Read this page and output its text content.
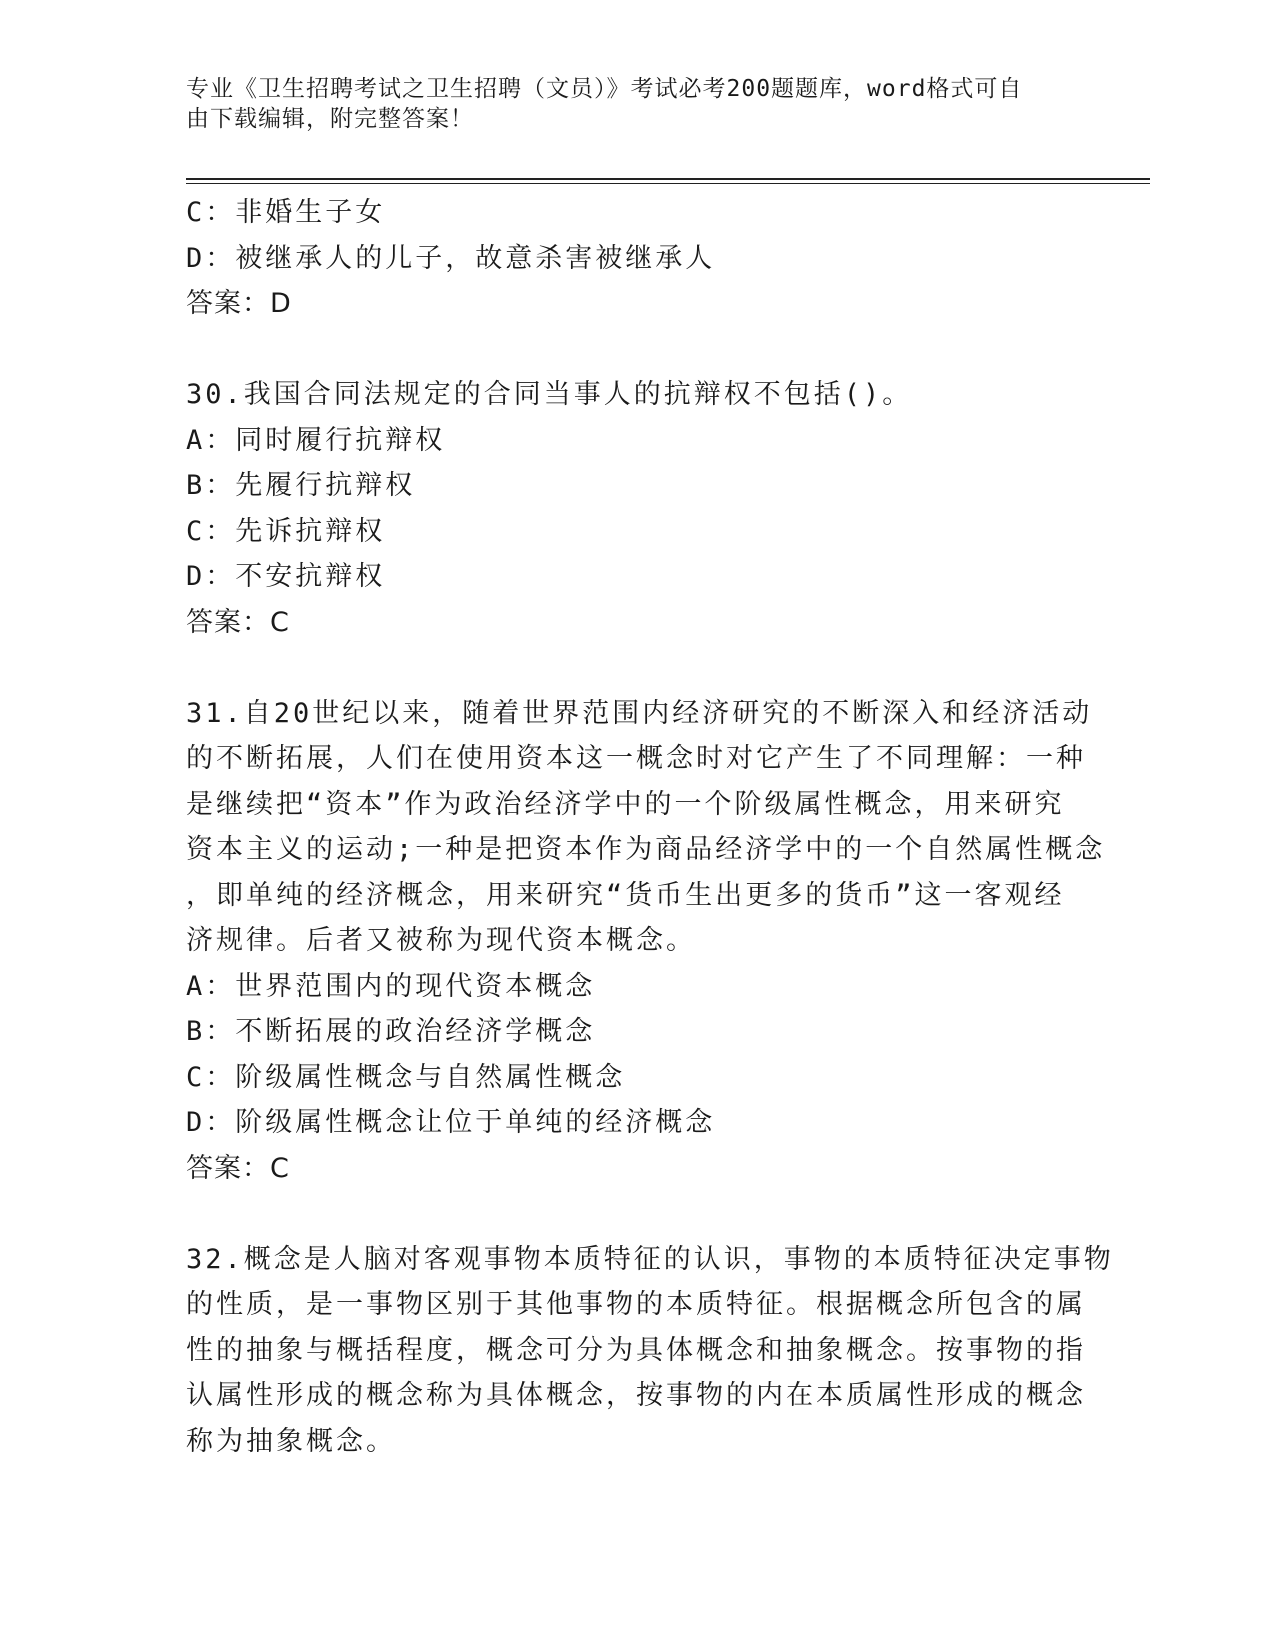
专业《卫生招聘考试之卫生招聘（文员）》考试必考200题题库，word格式可自
由下载编辑，附完整答案！
C：非婚生子女
D：被继承人的儿子，故意杀害被继承人
答案：D
30.我国合同法规定的合同当事人的抗辩权不包括()。
A：同时履行抗辩权
B：先履行抗辩权
C：先诉抗辩权
D：不安抗辩权
答案：C
31.自20世纪以来，随着世界范围内经济研究的不断深入和经济活动
的不断拓展，人们在使用资本这一概念时对它产生了不同理解：一种
是继续把“资本”作为政治经济学中的一个阶级属性概念，用来研究
资本主义的运动;一种是把资本作为商品经济学中的一个自然属性概念
，即单纯的经济概念，用来研究“货币生出更多的货币”这一客观经
济规律。后者又被称为现代资本概念。
A：世界范围内的现代资本概念
B：不断拓展的政治经济学概念
C：阶级属性概念与自然属性概念
D：阶级属性概念让位于单纯的经济概念
答案：C
32.概念是人脑对客观事物本质特征的认识，事物的本质特征决定事物
的性质，是一事物区别于其他事物的本质特征。根据概念所包含的属
性的抽象与概括程度，概念可分为具体概念和抽象概念。按事物的指
认属性形成的概念称为具体概念，按事物的内在本质属性形成的概念
称为抽象概念。
